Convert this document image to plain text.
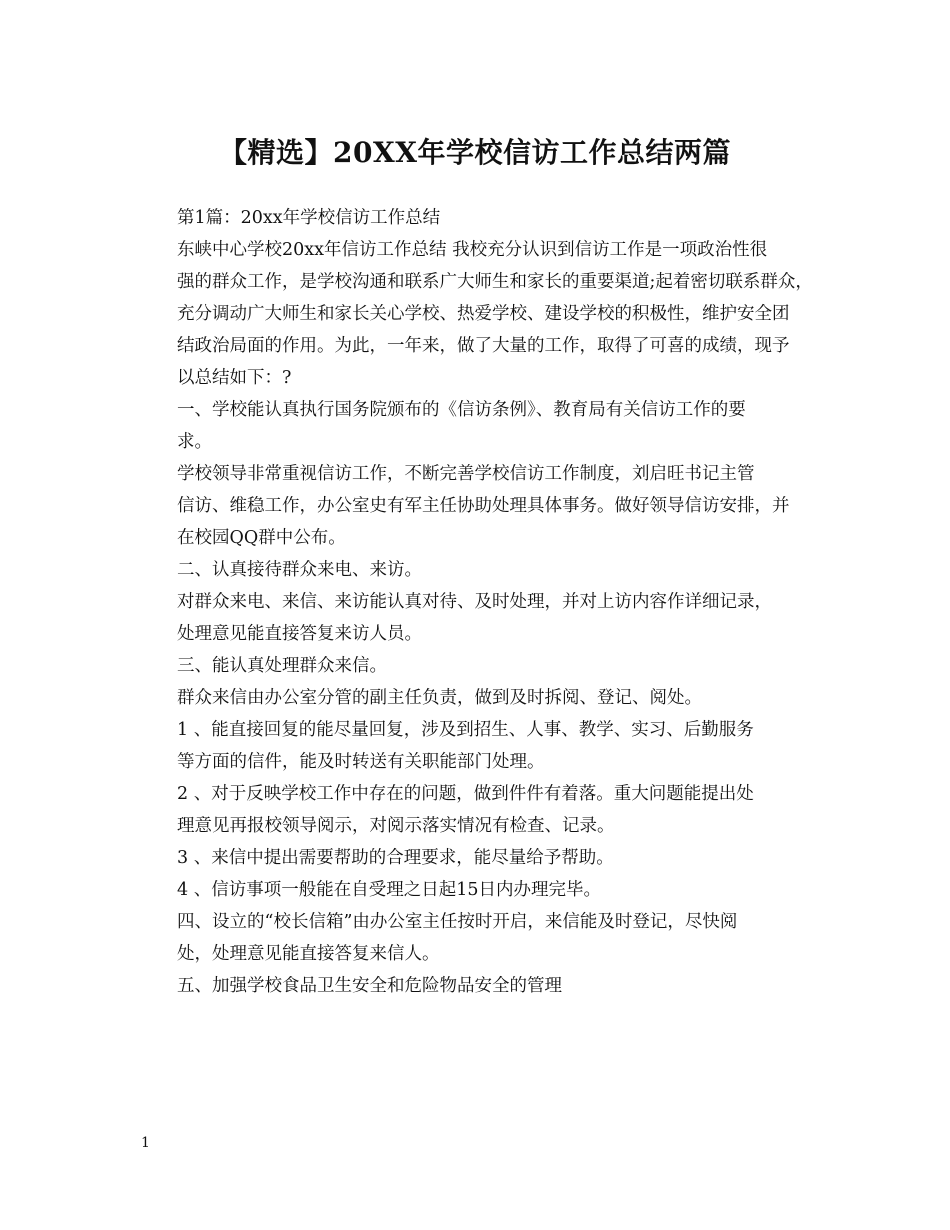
【精选】20XX年学校信访工作总结两篇

第1篇：20xx年学校信访工作总结

东峡中心学校20xx年信访工作总结 我校充分认识到信访工作是一项政治性很
强的群众工作，是学校沟通和联系广大师生和家长的重要渠道;起着密切联系群众，
充分调动广大师生和家长关心学校、热爱学校、建设学校的积极性，维护安全团
结政治局面的作用。为此，一年来，做了大量的工作，取得了可喜的成绩，现予
以总结如下：?

一、学校能认真执行国务院颁布的《信访条例》、教育局有关信访工作的要
求。

学校领导非常重视信访工作，不断完善学校信访工作制度，刘启旺书记主管
信访、维稳工作，办公室史有军主任协助处理具体事务。做好领导信访安排，并
在校园QQ群中公布。

二、认真接待群众来电、来访。

对群众来电、来信、来访能认真对待、及时处理，并对上访内容作详细记录，
处理意见能直接答复来访人员。

三、能认真处理群众来信。

群众来信由办公室分管的副主任负责，做到及时拆阅、登记、阅处。

1 、能直接回复的能尽量回复，涉及到招生、人事、教学、实习、后勤服务
等方面的信件，能及时转送有关职能部门处理。

2 、对于反映学校工作中存在的问题，做到件件有着落。重大问题能提出处
理意见再报校领导阅示，对阅示落实情况有检查、记录。

3 、来信中提出需要帮助的合理要求，能尽量给予帮助。

4 、信访事项一般能在自受理之日起15日内办理完毕。

四、设立的“校长信箱”由办公室主任按时开启，来信能及时登记，尽快阅
处，处理意见能直接答复来信人。

五、加强学校食品卫生安全和危险物品安全的管理

1
